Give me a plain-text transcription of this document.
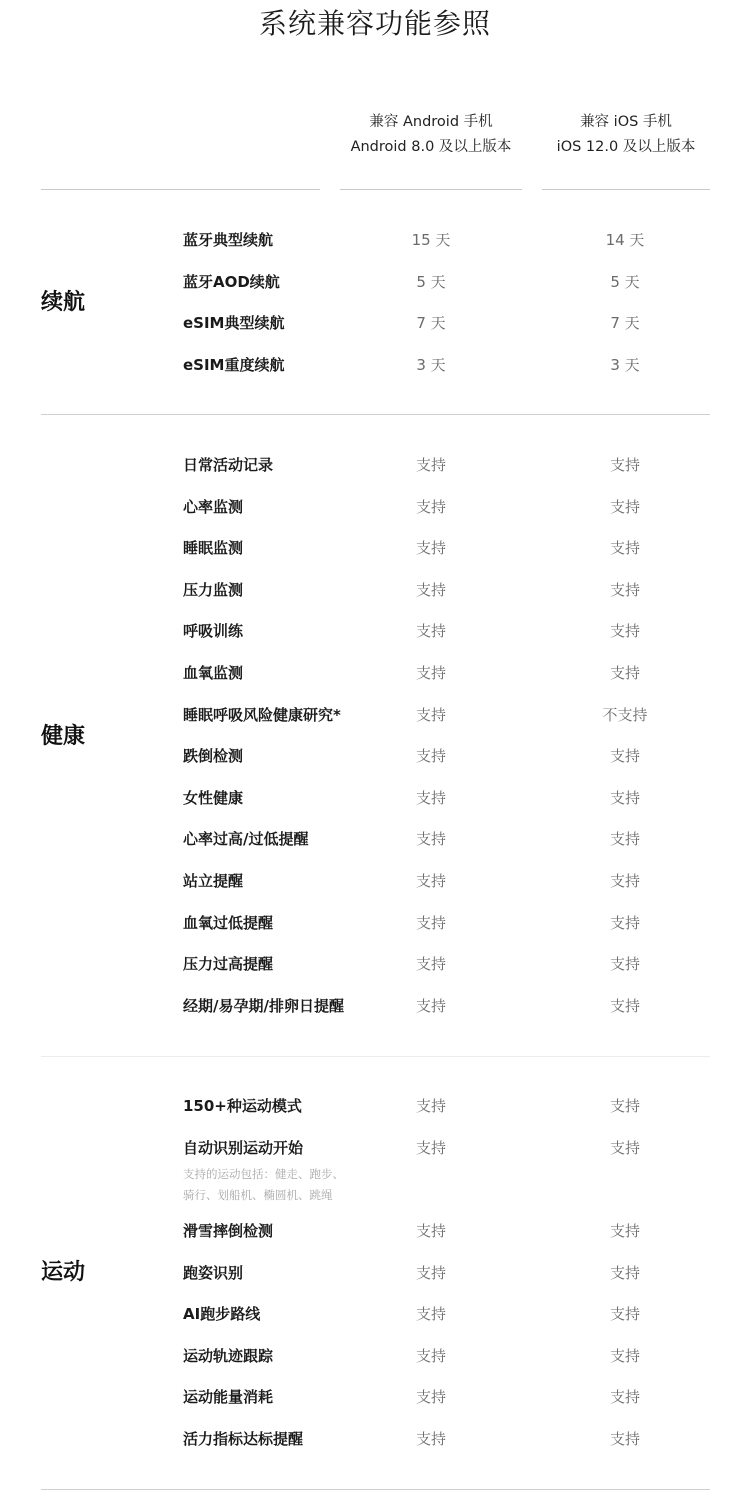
系统兼容功能参照
兼容 Android 手机
Android 8.0 及以上版本
兼容 iOS 手机
iOS 12.0 及以上版本
续航
蓝牙典型续航	15 天	14 天
蓝牙AOD续航	5 天	5 天
eSIM典型续航	7 天	7 天
eSIM重度续航	3 天	3 天
健康
日常活动记录	支持	支持
心率监测	支持	支持
睡眠监测	支持	支持
压力监测	支持	支持
呼吸训练	支持	支持
血氧监测	支持	支持
睡眠呼吸风险健康研究*	支持	不支持
跌倒检测	支持	支持
女性健康	支持	支持
心率过高/过低提醒	支持	支持
站立提醒	支持	支持
血氧过低提醒	支持	支持
压力过高提醒	支持	支持
经期/易孕期/排卵日提醒	支持	支持
运动
150+种运动模式	支持	支持
自动识别运动开始	支持	支持
支持的运动包括：健走、跑步、
骑行、划船机、椭圆机、跳绳
滑雪摔倒检测	支持	支持
跑姿识别	支持	支持
AI跑步路线	支持	支持
运动轨迹跟踪	支持	支持
运动能量消耗	支持	支持
活力指标达标提醒	支持	支持
